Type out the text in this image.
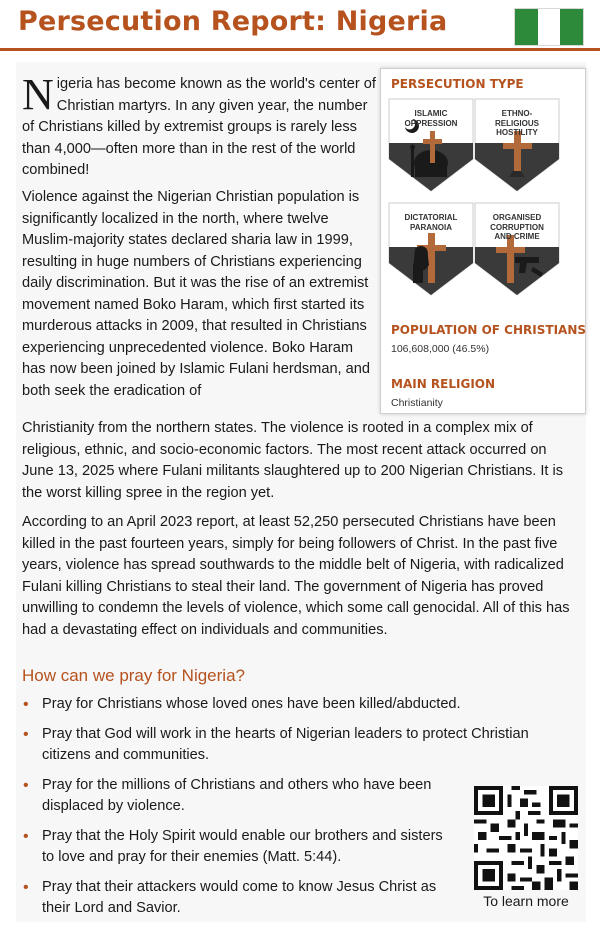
Persecution Report: Nigeria
Nigeria has become known as the world's center of Christian martyrs. In any given year, the number of Christians killed by extremist groups is rarely less than 4,000—often more than in the rest of the world combined!
Violence against the Nigerian Christian population is significantly localized in the north, where twelve Muslim-majority states declared sharia law in 1999, resulting in huge numbers of Christians experiencing daily discrimination. But it was the rise of an extremist movement named Boko Haram, which first started its murderous attacks in 2009, that resulted in Christians experiencing unprecedented violence. Boko Haram has now been joined by Islamic Fulani herdsman, and both seek the eradication of
Christianity from the northern states. The violence is rooted in a complex mix of religious, ethnic, and socio-economic factors. The most recent attack occurred on June 13, 2025 where Fulani militants slaughtered up to 200 Nigerian Christians. It is the worst killing spree in the region yet.
According to an April 2023 report, at least 52,250 persecuted Christians have been killed in the past fourteen years, simply for being followers of Christ. In the past five years, violence has spread southwards to the middle belt of Nigeria, with radicalized Fulani killing Christians to steal their land. The government of Nigeria has proved unwilling to condemn the levels of violence, which some call genocidal. All of this has had a devastating effect on individuals and communities.
PERSECUTION TYPE
ISLAMIC OPPRESSION
ETHNO-RELIGIOUS HOSTILITY
DICTATORIAL PARANOIA
ORGANISED CORRUPTION AND CRIME
POPULATION OF CHRISTIANS
106,608,000 (46.5%)
MAIN RELIGION
Christianity
How can we pray for Nigeria?
• Pray for Christians whose loved ones have been killed/abducted.
• Pray that God will work in the hearts of Nigerian leaders to protect Christian citizens and communities.
• Pray for the millions of Christians and others who have been displaced by violence.
• Pray that the Holy Spirit would enable our brothers and sisters to love and pray for their enemies (Matt. 5:44).
• Pray that their attackers would come to know Jesus Christ as their Lord and Savior.	To learn more
